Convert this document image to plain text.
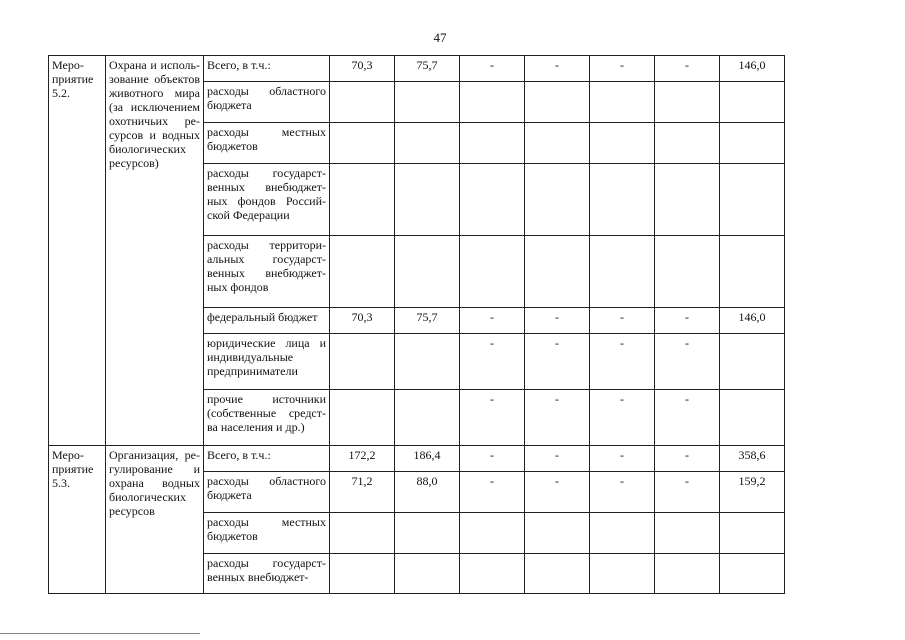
47
Меро-приятие 5.2.	Охрана и исполь-зование объектов животного мира (за исключением охотничьих ре-сурсов и водных биологических ресурсов)	Всего, в т.ч.:	70,3	75,7	-	-	-	-	146,0
		расходы областного бюджета							
		расходы местных бюджетов							
		расходы государст-венных внебюджет-ных фондов Россий-ской Федерации							
		расходы территори-альных государст-венных внебюджет-ных фондов							
		федеральный бюджет	70,3	75,7	-	-	-	-	146,0
		юридические лица и индивидуальные предприниматели			-	-	-	-	
		прочие источники (собственные средст-ва населения и др.)			-	-	-	-	
Меро-приятие 5.3.	Организация, ре-гулирование и охрана водных биологических ресурсов	Всего, в т.ч.:	172,2	186,4	-	-	-	-	358,6
		расходы областного бюджета	71,2	88,0	-	-	-	-	159,2
		расходы местных бюджетов							
		расходы государст-венных внебюджет-							
